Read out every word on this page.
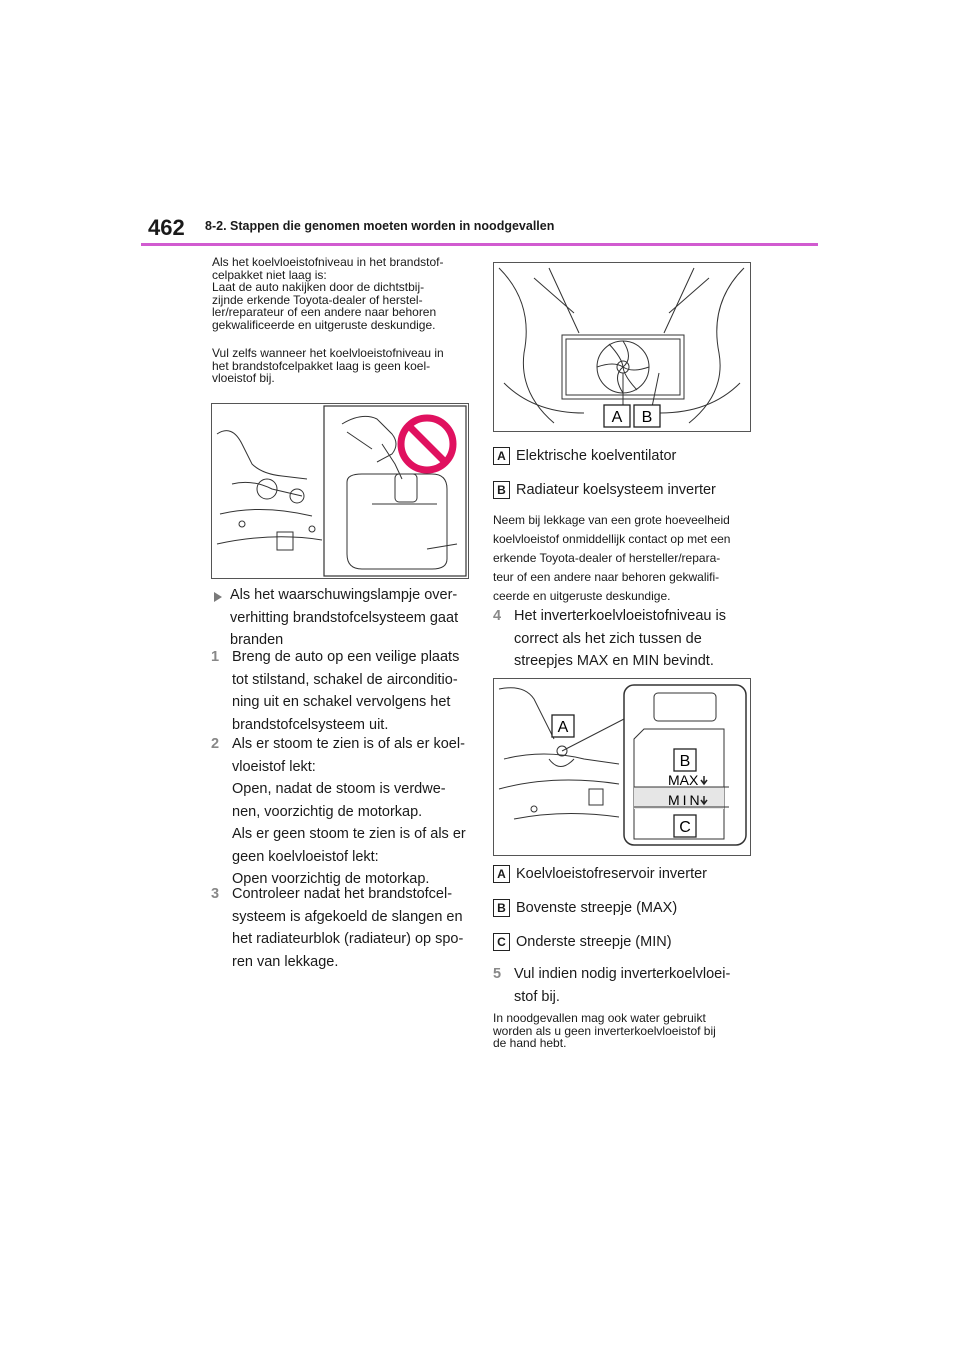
462 8-2. Stappen die genomen moeten worden in noodgevallen
Als het koelvloeistofniveau in het brandstof-
celpakket niet laag is:
Laat de auto nakijken door de dichtstbij-
zijnde erkende Toyota-dealer of herstel-
ler/reparateur of een andere naar behoren
gekwalificeerde en uitgeruste deskundige.
Vul zelfs wanneer het koelvloeistofniveau in
het brandstofcelpakket laag is geen koel-
vloeistof bij.
Als het waarschuwingslampje over-
verhitting brandstofcelsysteem gaat
branden
1 Breng de auto op een veilige plaats
tot stilstand, schakel de airconditio-
ning uit en schakel vervolgens het
brandstofcelsysteem uit.
2 Als er stoom te zien is of als er koel-
vloeistof lekt:
Open, nadat de stoom is verdwe-
nen, voorzichtig de motorkap.
Als er geen stoom te zien is of als er
geen koelvloeistof lekt:
Open voorzichtig de motorkap.
3 Controleer nadat het brandstofcel-
systeem is afgekoeld de slangen en
het radiateurblok (radiateur) op spo-
ren van lekkage.
A B
A Elektrische koelventilator
B Radiateur koelsysteem inverter
Neem bij lekkage van een grote hoeveelheid
koelvloeistof onmiddellijk contact op met een
erkende Toyota-dealer of hersteller/repara-
teur of een andere naar behoren gekwalifi-
ceerde en uitgeruste deskundige.
4 Het inverterkoelvloeistofniveau is
correct als het zich tussen de
streepjes MAX en MIN bevindt.
A
B
MAX
MIN
C
A Koelvloeistofreservoir inverter
B Bovenste streepje (MAX)
C Onderste streepje (MIN)
5 Vul indien nodig inverterkoelvloei-
stof bij.
In noodgevallen mag ook water gebruikt
worden als u geen inverterkoelvloeistof bij
de hand hebt.
